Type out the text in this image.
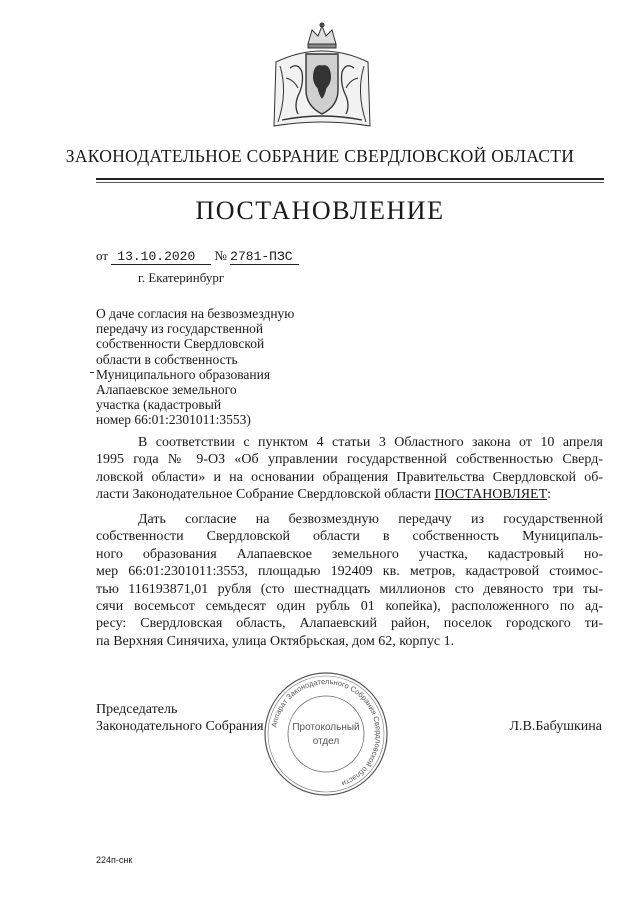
ЗАКОНОДАТЕЛЬНОЕ СОБРАНИЕ СВЕРДЛОВСКОЙ ОБЛАСТИ
ПОСТАНОВЛЕНИЕ
от 13.10.2020 № 2781-ПЗС
г. Екатеринбург
О даче согласия на безвозмездную
передачу из государственной
собственности Свердловской
области в собственность
Муниципального образования
Алапаевское земельного
участка (кадастровый
номер 66:01:2301011:3553)
В соответствии с пунктом 4 статьи 3 Областного закона от 10 апреля
1995 года № 9-ОЗ «Об управлении государственной собственностью Сверд-
ловской области» и на основании обращения Правительства Свердловской об-
ласти Законодательное Собрание Свердловской области ПОСТАНОВЛЯЕТ:
Дать согласие на безвозмездную передачу из государственной
собственности Свердловской области в собственность Муниципаль-
ного образования Алапаевское земельного участка, кадастровый но-
мер 66:01:2301011:3553, площадью 192409 кв. метров, кадастровой стоимос-
тью 116193871,01 рубля (сто шестнадцать миллионов сто девяносто три ты-
сячи восемьсот семьдесят один рубль 01 копейка), расположенного по ад-
ресу: Свердловская область, Алапаевский район, поселок городского ти-
па Верхняя Синячиха, улица Октябрьская, дом 62, корпус 1.
Председатель
Законодательного Собрания	Л.В.Бабушкина
Аппарат Законодательного Собрания Свердловской области
Протокольный
отдел
224п-снк
